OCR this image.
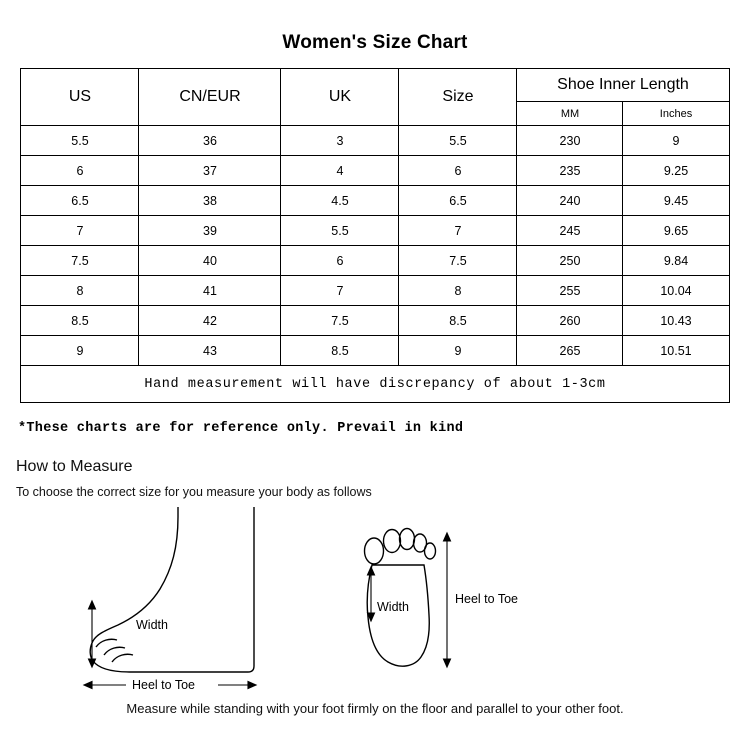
Women's Size Chart
US	CN/EUR	UK	Size	Shoe Inner Length	
				MM	Inches
5.5	36	3	5.5	230	9
6	37	4	6	235	9.25
6.5	38	4.5	6.5	240	9.45
7	39	5.5	7	245	9.65
7.5	40	6	7.5	250	9.84
8	41	7	8	255	10.04
8.5	42	7.5	8.5	260	10.43
9	43	8.5	9	265	10.51
Hand measurement will have discrepancy of about 1-3cm					
*These charts are for reference only. Prevail in kind
How to Measure
To choose the correct size for you measure your body as follows
Width
Heel to Toe
Width
Heel to Toe
Measure while standing with your foot firmly on the floor and parallel to your other foot.
